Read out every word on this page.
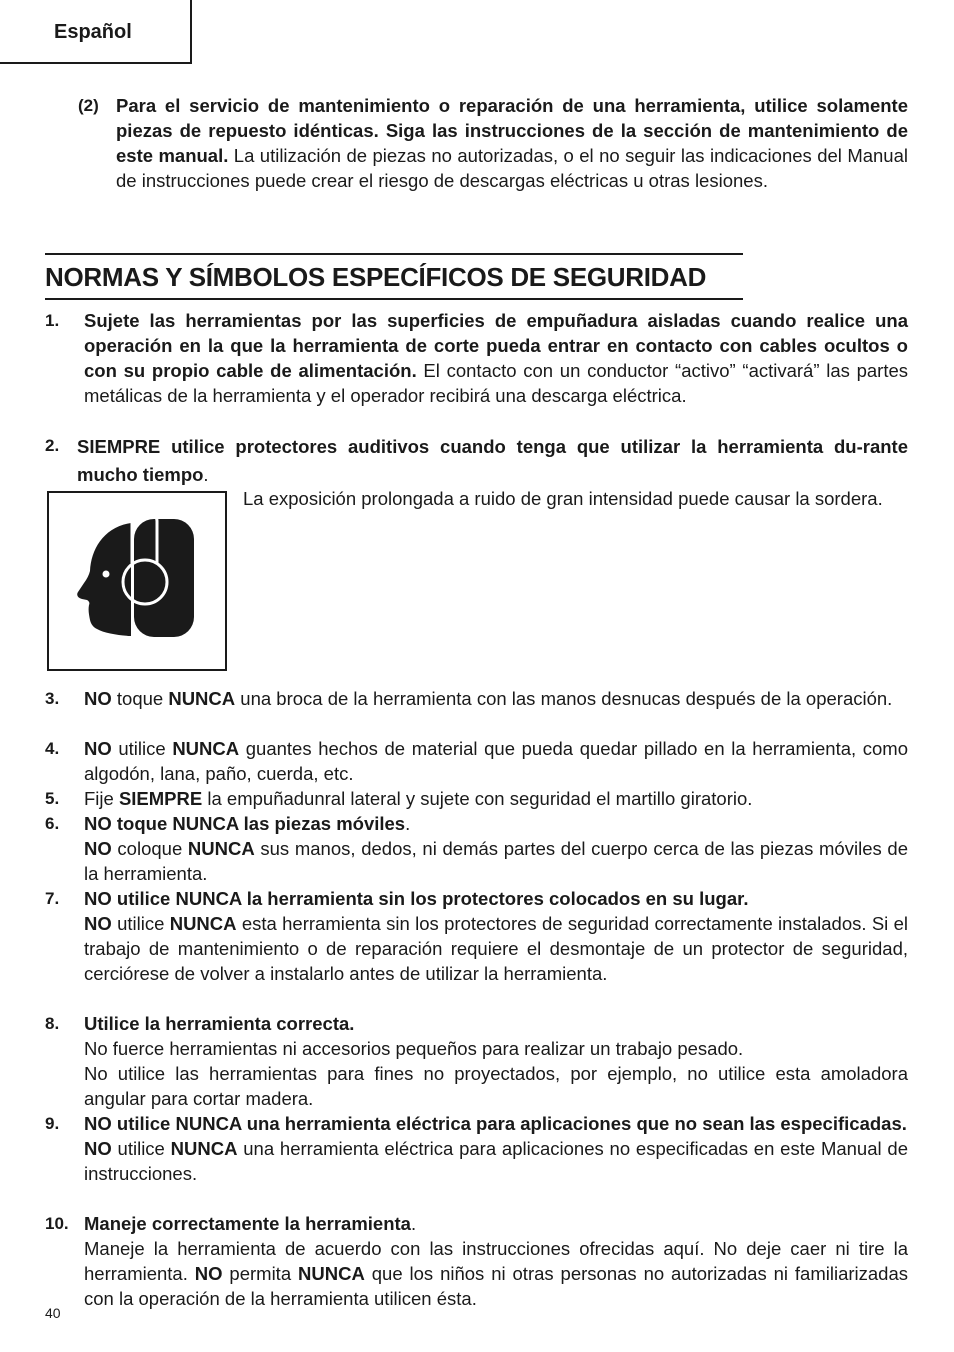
Español
(2) Para el servicio de mantenimiento o reparación de una herramienta, utilice solamente piezas de repuesto idénticas. Siga las instrucciones de la sección de mantenimiento de este manual. La utilización de piezas no autorizadas, o el no seguir las indicaciones del Manual de instrucciones puede crear el riesgo de descargas eléctricas u otras lesiones.
NORMAS Y SÍMBOLOS ESPECÍFICOS DE SEGURIDAD
1. Sujete las herramientas por las superficies de empuñadura aisladas cuando realice una operación en la que la herramienta de corte pueda entrar en contacto con cables ocultos o con su propio cable de alimentación. El contacto con un conductor “activo” “activará” las partes metálicas de la herramienta y el operador recibirá una descarga eléctrica.
2. SIEMPRE utilice protectores auditivos cuando tenga que utilizar la herramienta du-rante mucho tiempo.
La exposición prolongada a ruido de gran intensidad puede causar la sordera.
3. NO toque NUNCA una broca de la herramienta con las manos desnucas después de la operación.
4. NO utilice NUNCA guantes hechos de material que pueda quedar pillado en la herramienta, como algodón, lana, paño, cuerda, etc.
5. Fije SIEMPRE la empuñadunral lateral y sujete con seguridad el martillo giratorio.
6. NO toque NUNCA las piezas móviles.

NO coloque NUNCA sus manos, dedos, ni demás partes del cuerpo cerca de las piezas móviles de la herramienta.

7. NO utilice NUNCA la herramienta sin los protectores colocados en su lugar.

NO utilice NUNCA esta herramienta sin los protectores de seguridad correctamente instalados. Si el trabajo de mantenimiento o de reparación requiere el desmontaje de un protector de seguridad, cerciórese de volver a instalarlo antes de utilizar la herramienta.

8. Utilice la herramienta correcta.

No fuerce herramientas ni accesorios pequeños para realizar un trabajo pesado.

No utilice las herramientas para fines no proyectados, por ejemplo, no utilice esta amoladora angular para cortar madera.

9. NO utilice NUNCA una herramienta eléctrica para aplicaciones que no sean las especificadas.

NO utilice NUNCA una herramienta eléctrica para aplicaciones no especificadas en este Manual de instrucciones.

10. Maneje correctamente la herramienta.

Maneje la herramienta de acuerdo con las instrucciones ofrecidas aquí. No deje caer ni tire la herramienta. NO permita NUNCA que los niños ni otras personas no autorizadas ni familiarizadas con la operación de la herramienta utilicen ésta.

40
